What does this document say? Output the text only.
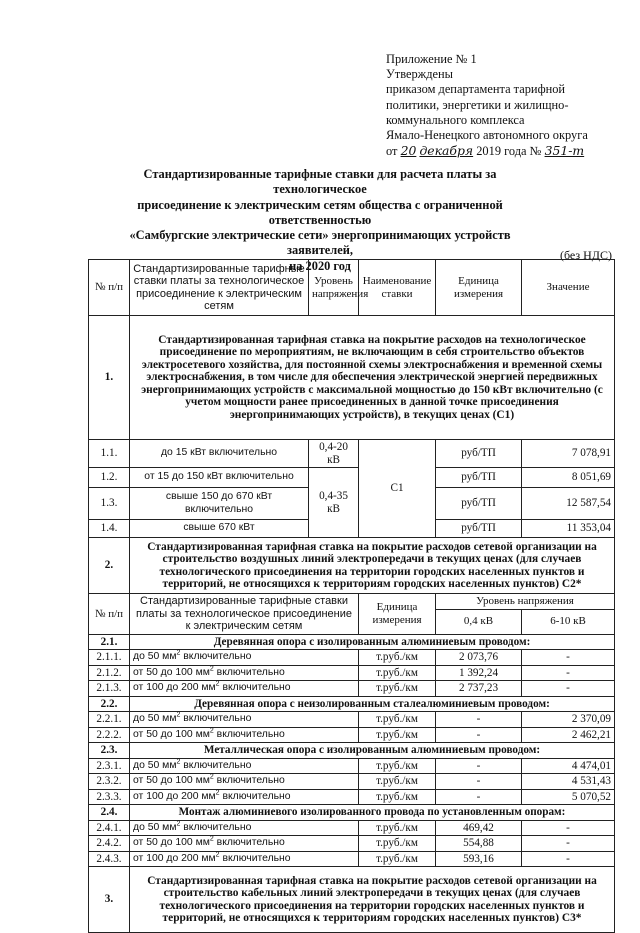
Приложение № 1
Утверждены
приказом департамента тарифной
политики, энергетики и жилищно-
коммунального комплекса
Ямало-Ненецкого автономного округа
от 20 декабря 2019 года № 351-т
Стандартизированные тарифные ставки для расчета платы за технологическое
присоединение к электрическим сетям общества с ограниченной ответственностью
«Самбургские электрические сети» энергопринимающих устройств заявителей,
на 2020 год
(без НДС)
№ п/п	Стандартизированные тарифные ставки платы за технологическое присоединение к электрическим сетям	Уровень напряжения	Наименование ставки	Единица измерения	Значение
1.	Стандартизированная тарифная ставка на покрытие расходов на технологическое присоединение по мероприятиям, не включающим в себя строительство объектов электросетевого хозяйства, для постоянной схемы электроснабжения и временной схемы электроснабжения, в том числе для обеспечения электрической энергией передвижных энергопринимающих устройств с максимальной мощностью до 150 кВт включительно (с учетом мощности ранее присоединенных в данной точке присоединения энергопринимающих устройств), в текущих ценах (С1)				
1.1.	до 15 кВт включительно	0,4-20 кВ	С1	руб/ТП	7 078,91
1.2.	от 15 до 150 кВт включительно	0,4-35 кВ		руб/ТП	8 051,69
1.3.	свыше 150 до 670 кВт включительно			руб/ТП	12 587,54
1.4.	свыше 670 кВт			руб/ТП	11 353,04
2.	Стандартизированная тарифная ставка на покрытие расходов сетевой организации на строительство воздушных линий электропередачи в текущих ценах (для случаев технологического присоединения на территории городских населенных пунктов и территорий, не относящихся к территориям городских населенных пунктов) С2*				
№ п/п	Стандартизированные тарифные ставки платы за технологическое присоединение к электрическим сетям		Единица измерения	Уровень напряжения	
				0,4 кВ	6-10 кВ
2.1.	Деревянная опора с изолированным алюминиевым проводом:				
2.1.1.	до 50 $мм^2$ включительно		т.руб./км	2 073,76	-
2.1.2.	от 50 до 100 $мм^2$ включительно		т.руб./км	1 392,24	-
2.1.3.	от 100 до 200 $мм^2$ включительно		т.руб./км	2 737,23	-
2.2.	Деревянная опора с неизолированным сталеалюминиевым проводом:				
2.2.1.	до 50 $мм^2$ включительно		т.руб./км	-	2 370,09
2.2.2.	от 50 до 100 $мм^2$ включительно		т.руб./км	-	2 462,21
2.3.	Металлическая опора с изолированным алюминиевым проводом:				
2.3.1.	до 50 $мм^2$ включительно		т.руб./км	-	4 474,01
2.3.2.	от 50 до 100 $мм^2$ включительно		т.руб./км	-	4 531,43
2.3.3.	от 100 до 200 $мм^2$ включительно		т.руб./км	-	5 070,52
2.4.	Монтаж алюминиевого изолированного провода по установленным опорам:				
2.4.1.	до 50 $мм^2$ включительно		т.руб./км	469,42	-
2.4.2.	от 50 до 100 $мм^2$ включительно		т.руб./км	554,88	-
2.4.3.	от 100 до 200 $мм^2$ включительно		т.руб./км	593,16	-
3.	Стандартизированная тарифная ставка на покрытие расходов сетевой организации на строительство кабельных линий электропередачи в текущих ценах (для случаев технологического присоединения на территории городских населенных пунктов и территорий, не относящихся к территориям городских населенных пунктов) С3*				
